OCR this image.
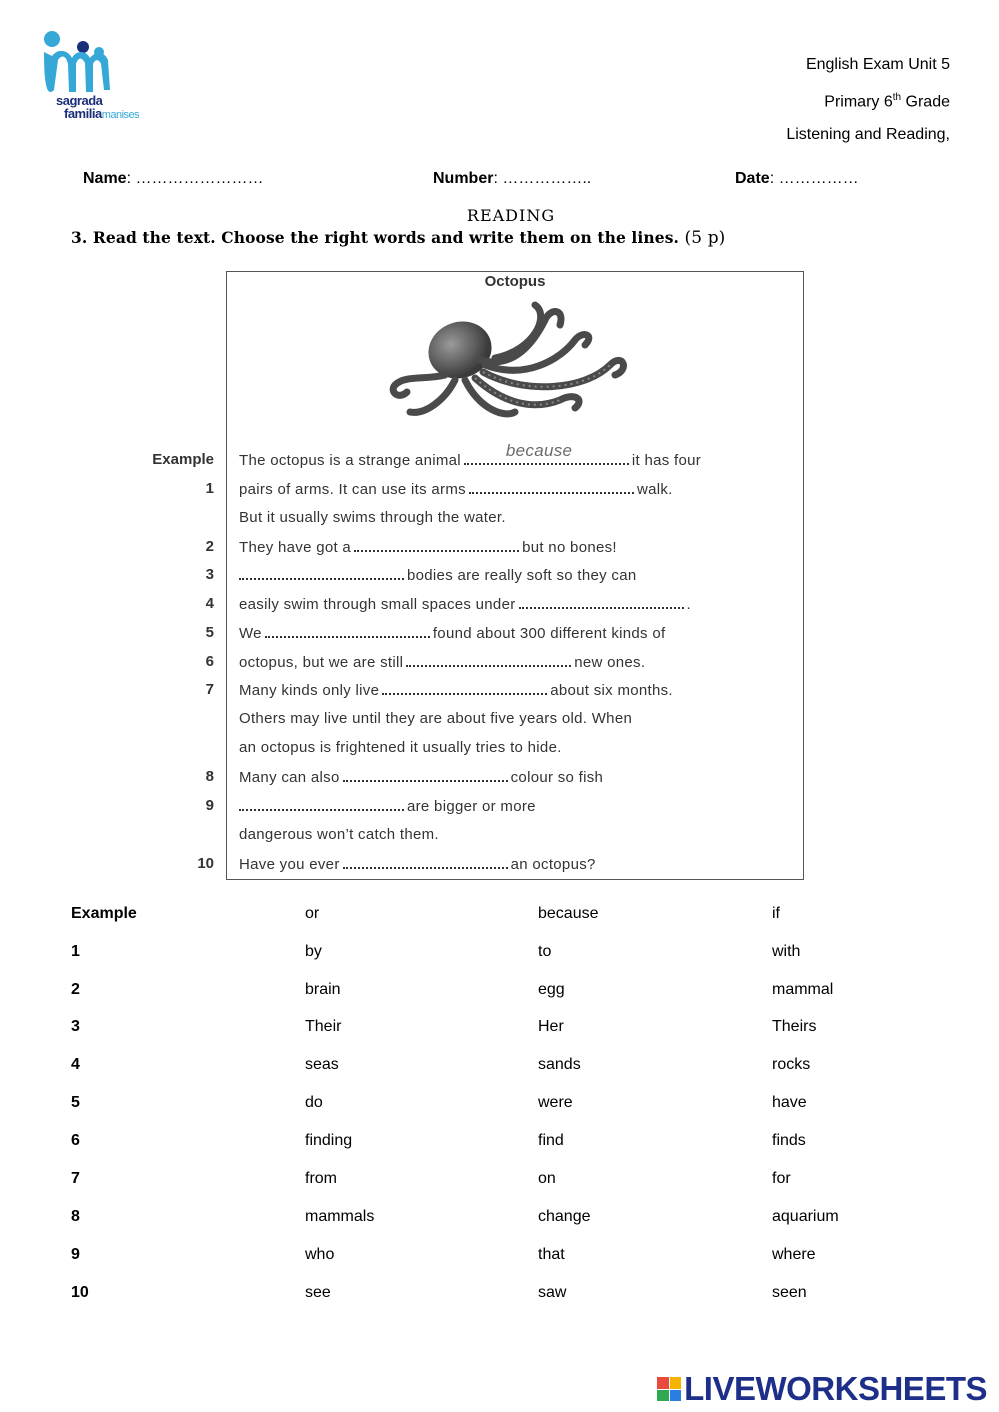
sagrada
familiamanises
English Exam Unit 5
Primary 6th Grade
Listening and Reading,
Name: ……………………	Number: ……………..	Date: ……………
READING
3. Read the text. Choose the right words and write them on the lines. (5 p)
Octopus
Example
1
2
3
4
5
6
7
8
9
10
The octopus is a strange animal
because
it has four
pairs of arms. It can use its arms	walk.
But it usually swims through the water.
They have got a	but no bones!
bodies are really soft so they can
easily swim through small spaces under	.
We	found about 300 different kinds of
octopus, but we are still	new ones.
Many kinds only live	about six months.
Others may live until they are about five years old. When
an octopus is frightened it usually tries to hide.
Many can also	colour so fish
are bigger or more
dangerous won’t catch them.
Have you ever	an octopus?
Example	or	because	if
1	by	to	with
2	brain	egg	mammal
3	Their	Her	Theirs
4	seas	sands	rocks
5	do	were	have
6	finding	find	finds
7	from	on	for
8	mammals	change	aquarium
9	who	that	where
10	see	saw	seen
LIVEWORKSHEETS
